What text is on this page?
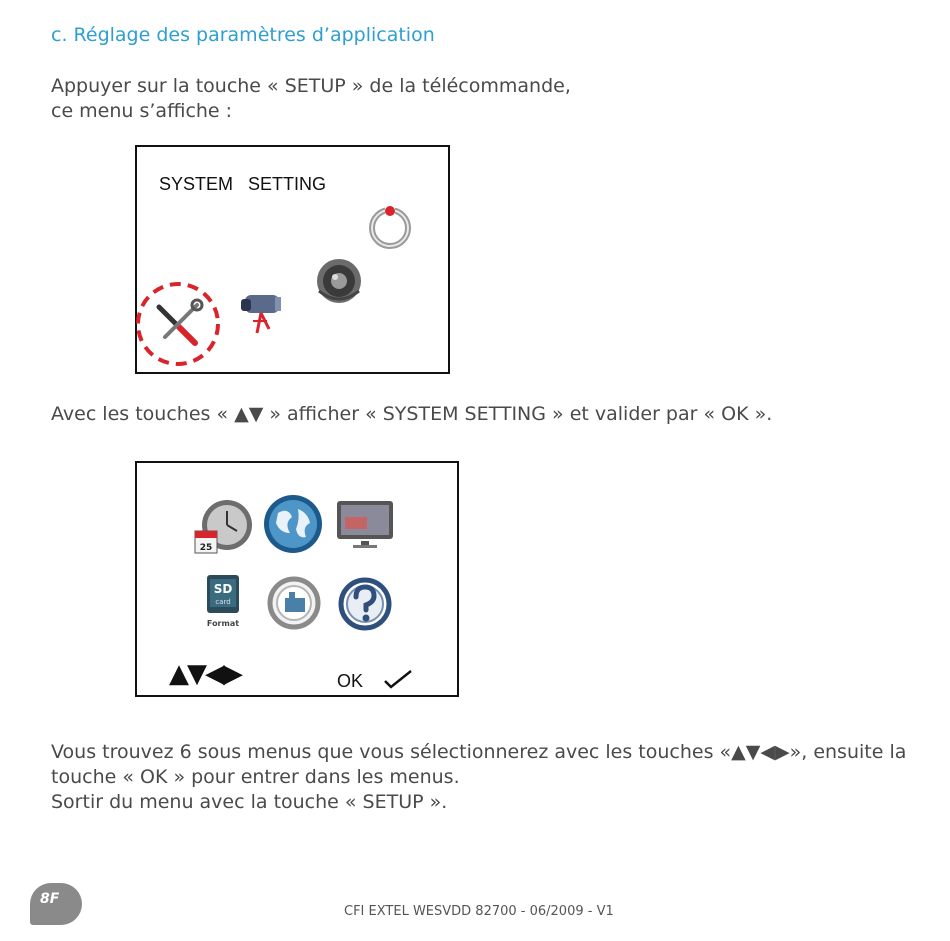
c. Réglage des paramètres d’application
Appuyer sur la touche « SETUP » de la télécommande,
ce menu s’affiche :
SYSTEM   SETTING
Avec les touches « ▲▼ » afficher « SYSTEM SETTING » et valider par « OK ».
25
SD
card
Format
▲▼◀▶	OK
Vous trouvez 6 sous menus que vous sélectionnerez avec les touches «▲▼◀▶», ensuite la
touche « OK » pour entrer dans les menus.
Sortir du menu avec la touche « SETUP ».
8F
CFI EXTEL WESVDD 82700 - 06/2009 - V1
